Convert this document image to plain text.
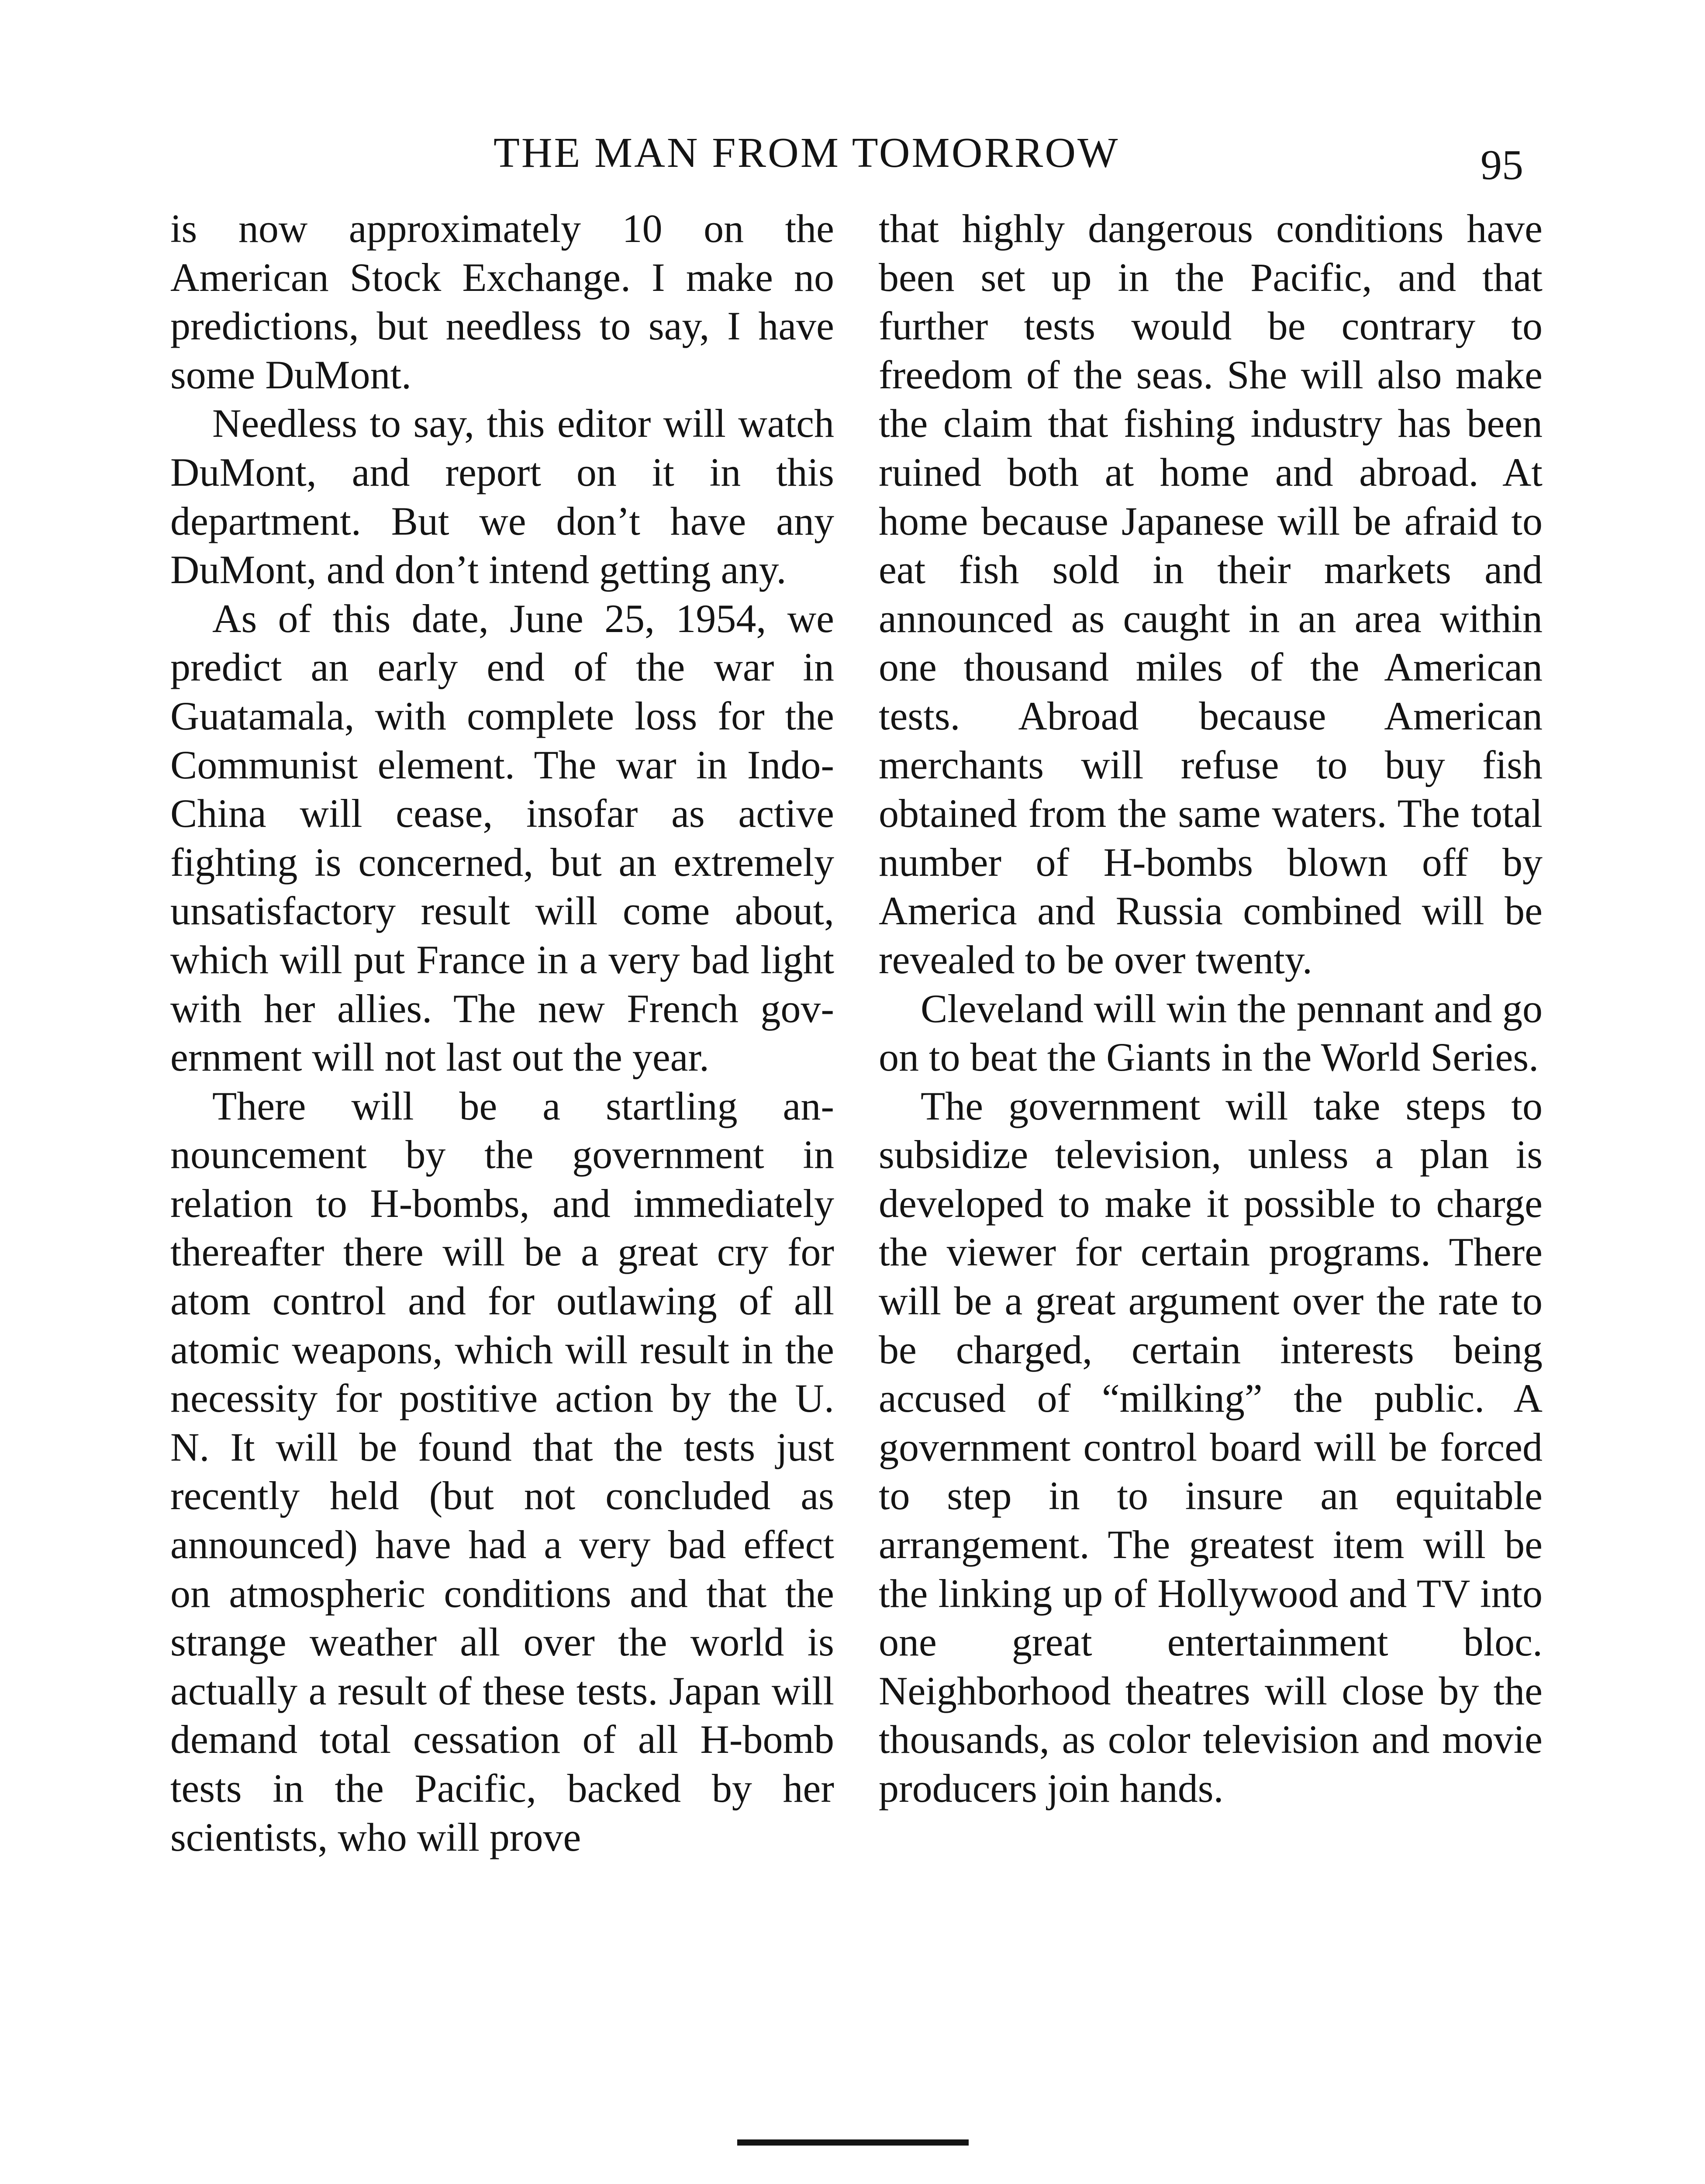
THE MAN FROM TOMORROW	95

is now approximately 10 on the American Stock Exchange. I make no predictions, but needless to say, I have some DuMont.

Needless to say, this editor will watch DuMont, and report on it in this department. But we don’t have any DuMont, and don’t intend getting any.

As of this date, June 25, 1954, we predict an early end of the war in Guatamala, with complete loss for the Communist element. The war in Indo-China will cease, insofar as active fighting is concerned, but an extremely unsatisfactory result will come about, which will put France in a very bad light with her allies. The new French government will not last out the year.

There will be a startling announcement by the government in relation to H-bombs, and immediately thereafter there will be a great cry for atom control and for outlawing of all atomic weapons, which will result in the necessity for postitive action by the U. N. It will be found that the tests just recently held (but not concluded as announced) have had a very bad effect on atmospheric conditions and that the strange weather all over the world is actually a result of these tests. Japan will demand total cessation of all H-bomb tests in the Pacific, backed by her scientists, who will prove

that highly dangerous conditions have been set up in the Pacific, and that further tests would be contrary to freedom of the seas. She will also make the claim that fishing industry has been ruined both at home and abroad. At home because Japanese will be afraid to eat fish sold in their markets and announced as caught in an area within one thousand miles of the American tests. Abroad because American merchants will refuse to buy fish obtained from the same waters. The total number of H-bombs blown off by America and Russia combined will be revealed to be over twenty.

Cleveland will win the pennant and go on to beat the Giants in the World Series.

The government will take steps to subsidize television, unless a plan is developed to make it possible to charge the viewer for certain programs. There will be a great argument over the rate to be charged, certain interests being accused of “milking” the public. A government control board will be forced to step in to insure an equitable arrangement. The greatest item will be the linking up of Hollywood and TV into one great entertainment bloc. Neighborhood theatres will close by the thousands, as color television and movie producers join hands.
